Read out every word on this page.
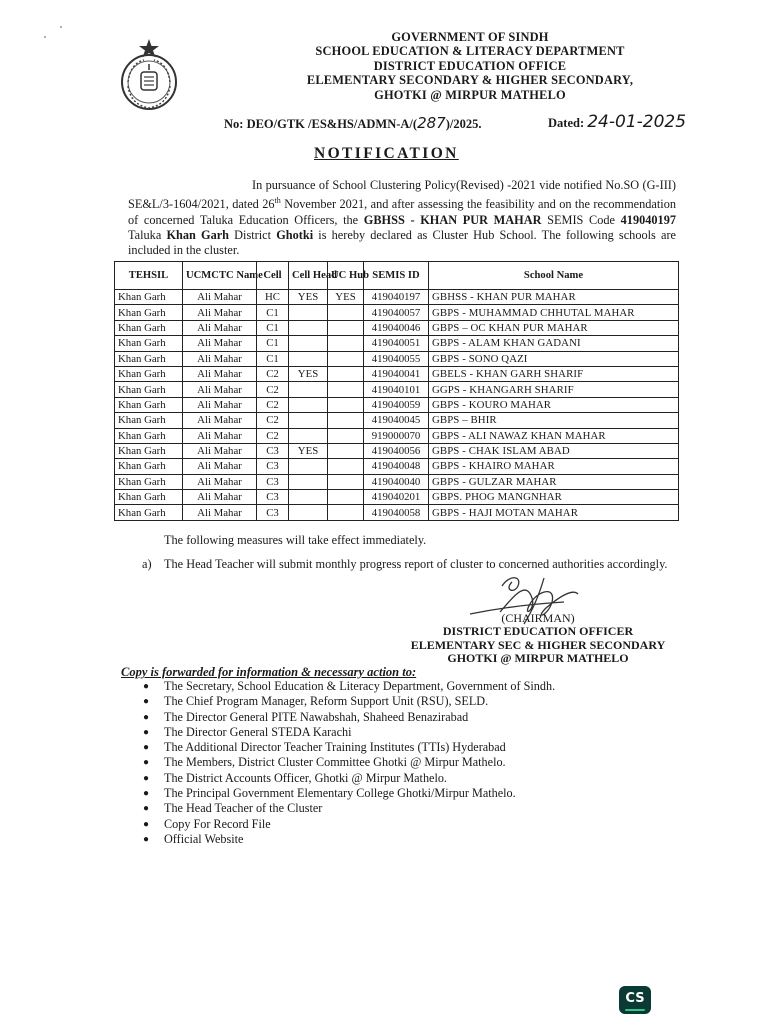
GOVERNMENT OF SINDH
SCHOOL EDUCATION & LITERACY DEPARTMENT
DISTRICT EDUCATION OFFICE
ELEMENTARY SECONDARY & HIGHER SECONDARY,
GHOTKI @ MIRPUR MATHELO
No: DEO/GTK /ES&HS/ADMN-A/(287)/2025.	Dated: 24-01-2025
NOTIFICATION
In pursuance of School Clustering Policy(Revised) -2021 vide notified No.SO (G-III) SE&L/3-1604/2021, dated 26th November 2021, and after assessing the feasibility and on the recommendation of concerned Taluka Education Officers, the GBHSS - KHAN PUR MAHAR SEMIS Code 419040197 Taluka Khan Garh District Ghotki is hereby declared as Cluster Hub School. The following schools are included in the cluster.
TEHSIL	UCMCTC Name	Cell	Cell Head	UC Hub	SEMIS ID	School Name
Khan Garh	Ali Mahar	HC	YES	YES	419040197	GBHSS - KHAN PUR MAHAR
Khan Garh	Ali Mahar	C1			419040057	GBPS - MUHAMMAD CHHUTAL MAHAR
Khan Garh	Ali Mahar	C1			419040046	GBPS – OC KHAN PUR MAHAR
Khan Garh	Ali Mahar	C1			419040051	GBPS - ALAM KHAN GADANI
Khan Garh	Ali Mahar	C1			419040055	GBPS - SONO QAZI
Khan Garh	Ali Mahar	C2	YES		419040041	GBELS - KHAN GARH SHARIF
Khan Garh	Ali Mahar	C2			419040101	GGPS - KHANGARH SHARIF
Khan Garh	Ali Mahar	C2			419040059	GBPS - KOURO MAHAR
Khan Garh	Ali Mahar	C2			419040045	GBPS – BHIR
Khan Garh	Ali Mahar	C2			919000070	GBPS - ALI NAWAZ KHAN MAHAR
Khan Garh	Ali Mahar	C3	YES		419040056	GBPS - CHAK ISLAM ABAD
Khan Garh	Ali Mahar	C3			419040048	GBPS - KHAIRO MAHAR
Khan Garh	Ali Mahar	C3			419040040	GBPS - GULZAR MAHAR
Khan Garh	Ali Mahar	C3			419040201	GBPS. PHOG MANGNHAR
Khan Garh	Ali Mahar	C3			419040058	GBPS - HAJI MOTAN MAHAR
The following measures will take effect immediately.
a) The Head Teacher will submit monthly progress report of cluster to concerned authorities accordingly.
(CHAIRMAN)
DISTRICT EDUCATION OFFICER
ELEMENTARY SEC & HIGHER SECONDARY
GHOTKI @ MIRPUR MATHELO
Copy is forwarded for information & necessary action to:
● The Secretary, School Education & Literacy Department, Government of Sindh.
● The Chief Program Manager, Reform Support Unit (RSU), SELD.
● The Director General PITE Nawabshah, Shaheed Benazirabad
● The Director General STEDA Karachi
● The Additional Director Teacher Training Institutes (TTIs) Hyderabad
● The Members, District Cluster Committee Ghotki @ Mirpur Mathelo.
● The District Accounts Officer, Ghotki @ Mirpur Mathelo.
● The Principal Government Elementary College Ghotki/Mirpur Mathelo.
● The Head Teacher of the Cluster
● Copy For Record File
● Official Website
CS
